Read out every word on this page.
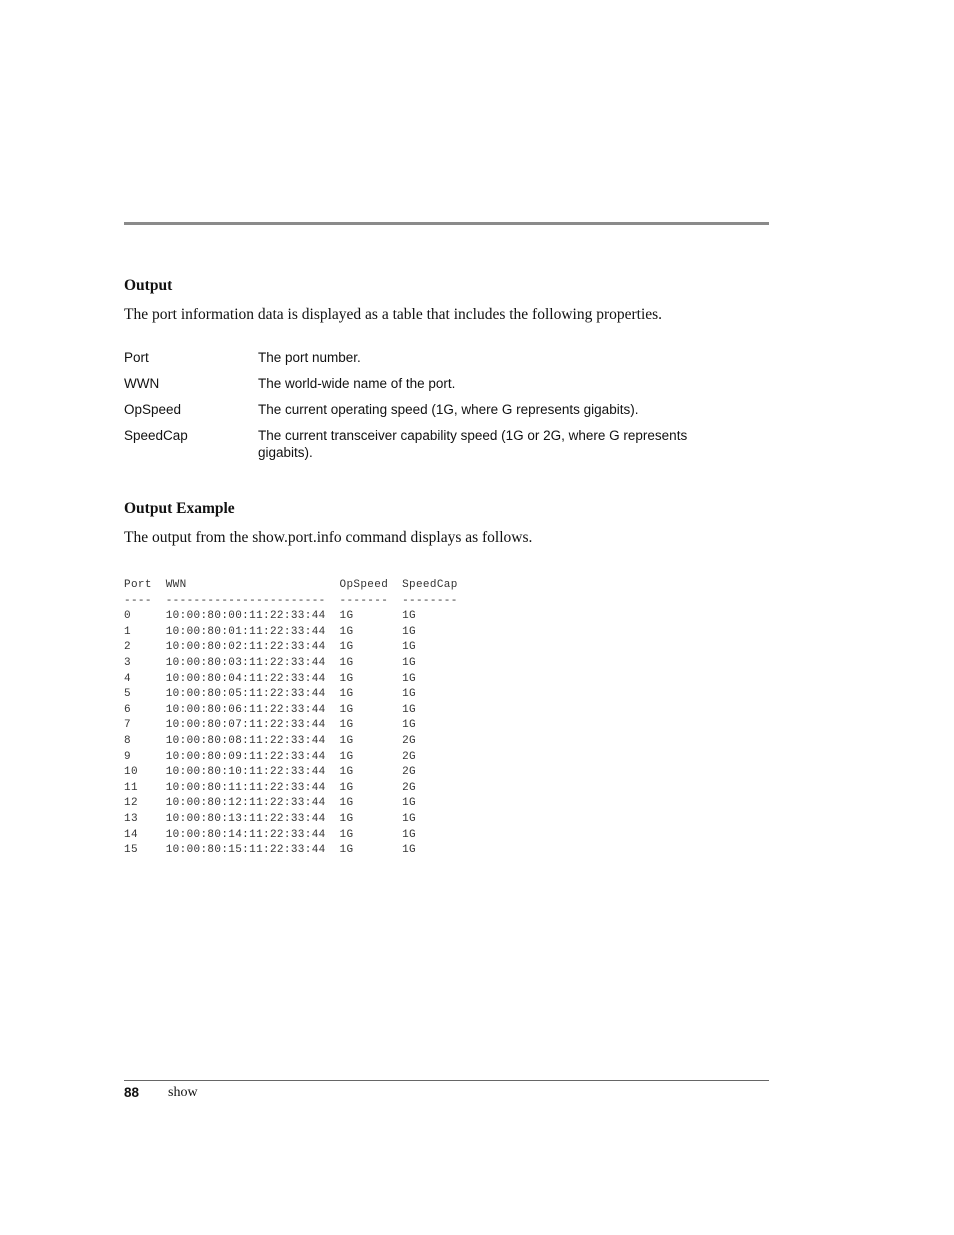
Output
The port information data is displayed as a table that includes the following properties.
Port	The port number.
WWN	The world-wide name of the port.
OpSpeed	The current operating speed (1G, where G represents gigabits).
SpeedCap	The current transceiver capability speed (1G or 2G, where G represents gigabits).
Output Example
The output from the show.port.info command displays as follows.
Port  WWN                      OpSpeed  SpeedCap
----  -----------------------  -------  --------
0     10:00:80:00:11:22:33:44  1G       1G
1     10:00:80:01:11:22:33:44  1G       1G
2     10:00:80:02:11:22:33:44  1G       1G
3     10:00:80:03:11:22:33:44  1G       1G
4     10:00:80:04:11:22:33:44  1G       1G
5     10:00:80:05:11:22:33:44  1G       1G
6     10:00:80:06:11:22:33:44  1G       1G
7     10:00:80:07:11:22:33:44  1G       1G
8     10:00:80:08:11:22:33:44  1G       2G
9     10:00:80:09:11:22:33:44  1G       2G
10    10:00:80:10:11:22:33:44  1G       2G
11    10:00:80:11:11:22:33:44  1G       2G
12    10:00:80:12:11:22:33:44  1G       1G
13    10:00:80:13:11:22:33:44  1G       1G
14    10:00:80:14:11:22:33:44  1G       1G
15    10:00:80:15:11:22:33:44  1G       1G
88 show
